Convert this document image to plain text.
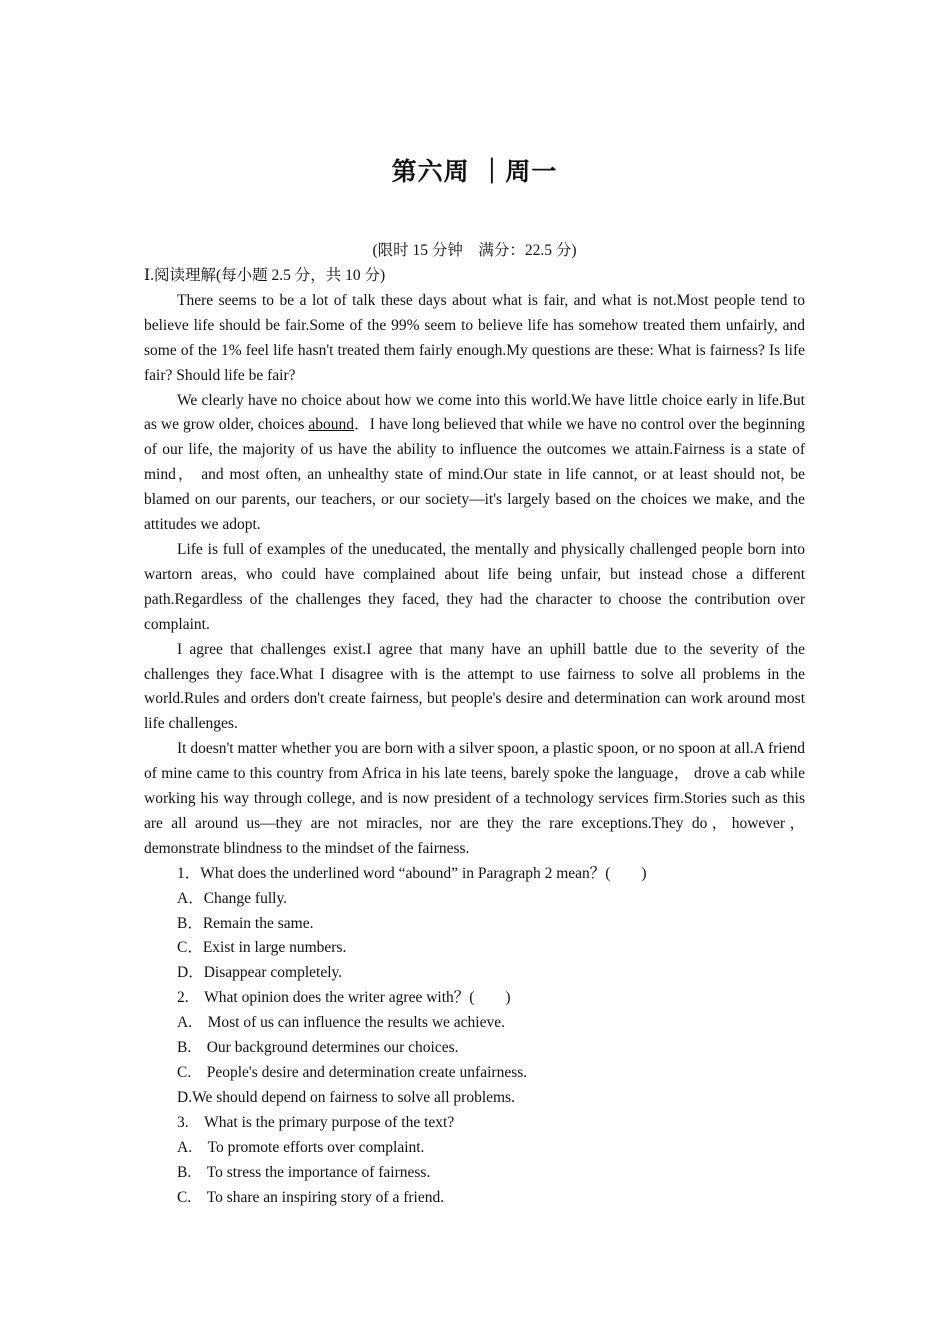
第六周 ｜周一
(限时 15 分钟　满分：22.5 分)

Ⅰ.阅读理解(每小题 2.5 分，共 10 分)

There seems to be a lot of talk these days about what is fair, and what is not.Most people tend to believe life should be fair.Some of the 99% seem to believe life has somehow treated them unfairly, and some of the 1% feel life hasn't treated them fairly enough.My questions are these: What is fairness? Is life fair? Should life be fair?

We clearly have no choice about how we come into this world.We have little choice early in life.But as we grow older, choices abound．I have long believed that while we have no control over the beginning of our life, the majority of us have the ability to influence the outcomes we attain.Fairness is a state of mind， and most often, an unhealthy state of mind.Our state in life cannot, or at least should not, be blamed on our parents, our teachers, or our society—it's largely based on the choices we make, and the attitudes we adopt.

Life is full of examples of the uneducated, the mentally and physically challenged people born into wartorn areas, who could have complained about life being unfair, but instead chose a different path.Regardless of the challenges they faced, they had the character to choose the contribution over complaint.

I agree that challenges exist.I agree that many have an uphill battle due to the severity of the challenges they face.What I disagree with is the attempt to use fairness to solve all problems in the world.Rules and orders don't create fairness, but people's desire and determination can work around most life challenges.

It doesn't matter whether you are born with a silver spoon, a plastic spoon, or no spoon at all.A friend of mine came to this country from Africa in his late teens, barely spoke the language， drove a cab while working his way through college, and is now president of a technology services firm.Stories such as this are all around us—they are not miracles, nor are they the rare exceptions.They do，however，demonstrate blindness to the mindset of the fairness.

1．What does the underlined word “abound” in Paragraph 2 mean？(　　)

A．Change fully.

B．Remain the same.

C．Exist in large numbers.

D．Disappear completely.

2.　What opinion does the writer agree with？(　　)

A.　Most of us can influence the results we achieve.

B.　Our background determines our choices.

C.　People's desire and determination create unfairness.

D.We should depend on fairness to solve all problems.

3.　What is the primary purpose of the text?

A.　To promote efforts over complaint.

B.　To stress the importance of fairness.

C.　To share an inspiring story of a friend.
